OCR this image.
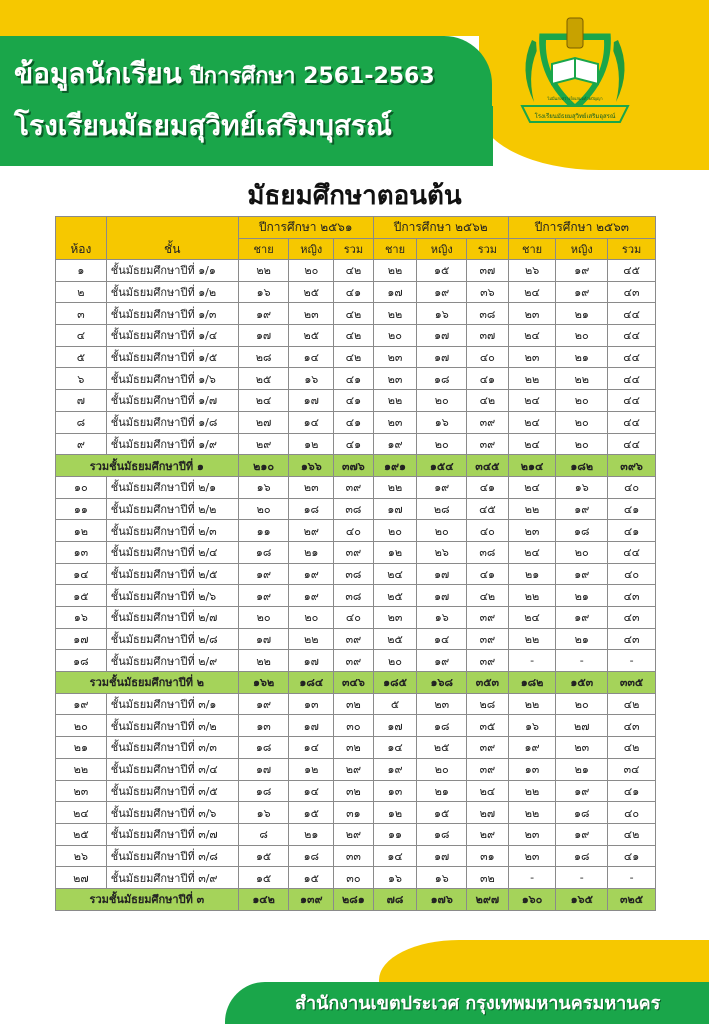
ข้อมูลนักเรียน ปีการศึกษา 2561-2563
โรงเรียนมัธยมสุวิทย์เสริมบุสรณ์	โรงเรียนมัธยมสุวิทย์เสริมอุสรณ์
ไม่มีแสงสว่างใดเสมอด้วยปัญญา
มัธยมศึกษาตอนต้น
ห้อง	ชั้น	ปีการศึกษา ๒๕๖๑			ปีการศึกษา ๒๕๖๒			ปีการศึกษา ๒๕๖๓		
		ชาย	หญิง	รวม	ชาย	หญิง	รวม	ชาย	หญิง	รวม
๑	ชั้นมัธยมศึกษาปีที่ ๑/๑	๒๒	๒๐	๔๒	๒๒	๑๕	๓๗	๒๖	๑๙	๔๕
๒	ชั้นมัธยมศึกษาปีที่ ๑/๒	๑๖	๒๕	๔๑	๑๗	๑๙	๓๖	๒๔	๑๙	๔๓
๓	ชั้นมัธยมศึกษาปีที่ ๑/๓	๑๙	๒๓	๔๒	๒๒	๑๖	๓๘	๒๓	๒๑	๔๔
๔	ชั้นมัธยมศึกษาปีที่ ๑/๔	๑๗	๒๕	๔๒	๒๐	๑๗	๓๗	๒๔	๒๐	๔๔
๕	ชั้นมัธยมศึกษาปีที่ ๑/๕	๒๘	๑๔	๔๒	๒๓	๑๗	๔๐	๒๓	๒๑	๔๔
๖	ชั้นมัธยมศึกษาปีที่ ๑/๖	๒๕	๑๖	๔๑	๒๓	๑๘	๔๑	๒๒	๒๒	๔๔
๗	ชั้นมัธยมศึกษาปีที่ ๑/๗	๒๔	๑๗	๔๑	๒๒	๒๐	๔๒	๒๔	๒๐	๔๔
๘	ชั้นมัธยมศึกษาปีที่ ๑/๘	๒๗	๑๔	๔๑	๒๓	๑๖	๓๙	๒๔	๒๐	๔๔
๙	ชั้นมัธยมศึกษาปีที่ ๑/๙	๒๙	๑๒	๔๑	๑๙	๒๐	๓๙	๒๔	๒๐	๔๔
รวมชั้นมัธยมศึกษาปีที่ ๑		๒๑๐	๑๖๖	๓๗๖	๑๙๑	๑๕๔	๓๔๕	๒๑๔	๑๘๒	๓๙๖
๑๐	ชั้นมัธยมศึกษาปีที่ ๒/๑	๑๖	๒๓	๓๙	๒๒	๑๙	๔๑	๒๔	๑๖	๔๐
๑๑	ชั้นมัธยมศึกษาปีที่ ๒/๒	๒๐	๑๘	๓๘	๑๗	๒๘	๔๕	๒๒	๑๙	๔๑
๑๒	ชั้นมัธยมศึกษาปีที่ ๒/๓	๑๑	๒๙	๔๐	๒๐	๒๐	๔๐	๒๓	๑๘	๔๑
๑๓	ชั้นมัธยมศึกษาปีที่ ๒/๔	๑๘	๒๑	๓๙	๑๒	๒๖	๓๘	๒๔	๒๐	๔๔
๑๔	ชั้นมัธยมศึกษาปีที่ ๒/๕	๑๙	๑๙	๓๘	๒๔	๑๗	๔๑	๒๑	๑๙	๔๐
๑๕	ชั้นมัธยมศึกษาปีที่ ๒/๖	๑๙	๑๙	๓๘	๒๕	๑๗	๔๒	๒๒	๒๑	๔๓
๑๖	ชั้นมัธยมศึกษาปีที่ ๒/๗	๒๐	๒๐	๔๐	๒๓	๑๖	๓๙	๒๔	๑๙	๔๓
๑๗	ชั้นมัธยมศึกษาปีที่ ๒/๘	๑๗	๒๒	๓๙	๒๕	๑๔	๓๙	๒๒	๒๑	๔๓
๑๘	ชั้นมัธยมศึกษาปีที่ ๒/๙	๒๒	๑๗	๓๙	๒๐	๑๙	๓๙	-	-	-
รวมชั้นมัธยมศึกษาปีที่ ๒		๑๖๒	๑๘๔	๓๔๖	๑๘๕	๑๖๘	๓๕๓	๑๘๒	๑๕๓	๓๓๕
๑๙	ชั้นมัธยมศึกษาปีที่ ๓/๑	๑๙	๑๓	๓๒	๕	๒๓	๒๘	๒๒	๒๐	๔๒
๒๐	ชั้นมัธยมศึกษาปีที่ ๓/๒	๑๓	๑๗	๓๐	๑๗	๑๘	๓๕	๑๖	๒๗	๔๓
๒๑	ชั้นมัธยมศึกษาปีที่ ๓/๓	๑๘	๑๔	๓๒	๑๔	๒๕	๓๙	๑๙	๒๓	๔๒
๒๒	ชั้นมัธยมศึกษาปีที่ ๓/๔	๑๗	๑๒	๒๙	๑๙	๒๐	๓๙	๑๓	๒๑	๓๔
๒๓	ชั้นมัธยมศึกษาปีที่ ๓/๕	๑๘	๑๔	๓๒	๑๓	๒๑	๒๔	๒๒	๑๙	๔๑
๒๔	ชั้นมัธยมศึกษาปีที่ ๓/๖	๑๖	๑๕	๓๑	๑๒	๑๕	๒๗	๒๒	๑๘	๔๐
๒๕	ชั้นมัธยมศึกษาปีที่ ๓/๗	๘	๒๑	๒๙	๑๑	๑๘	๒๙	๒๓	๑๙	๔๒
๒๖	ชั้นมัธยมศึกษาปีที่ ๓/๘	๑๕	๑๘	๓๓	๑๔	๑๗	๓๑	๒๓	๑๘	๔๑
๒๗	ชั้นมัธยมศึกษาปีที่ ๓/๙	๑๕	๑๕	๓๐	๑๖	๑๖	๓๒	-	-	-
รวมชั้นมัธยมศึกษาปีที่ ๓		๑๔๒	๑๓๙	๒๘๑	๗๘	๑๗๖	๒๙๗	๑๖๐	๑๖๕	๓๒๕
สำนักงานเขตประเวศ กรุงเทพมหานครมหานคร
